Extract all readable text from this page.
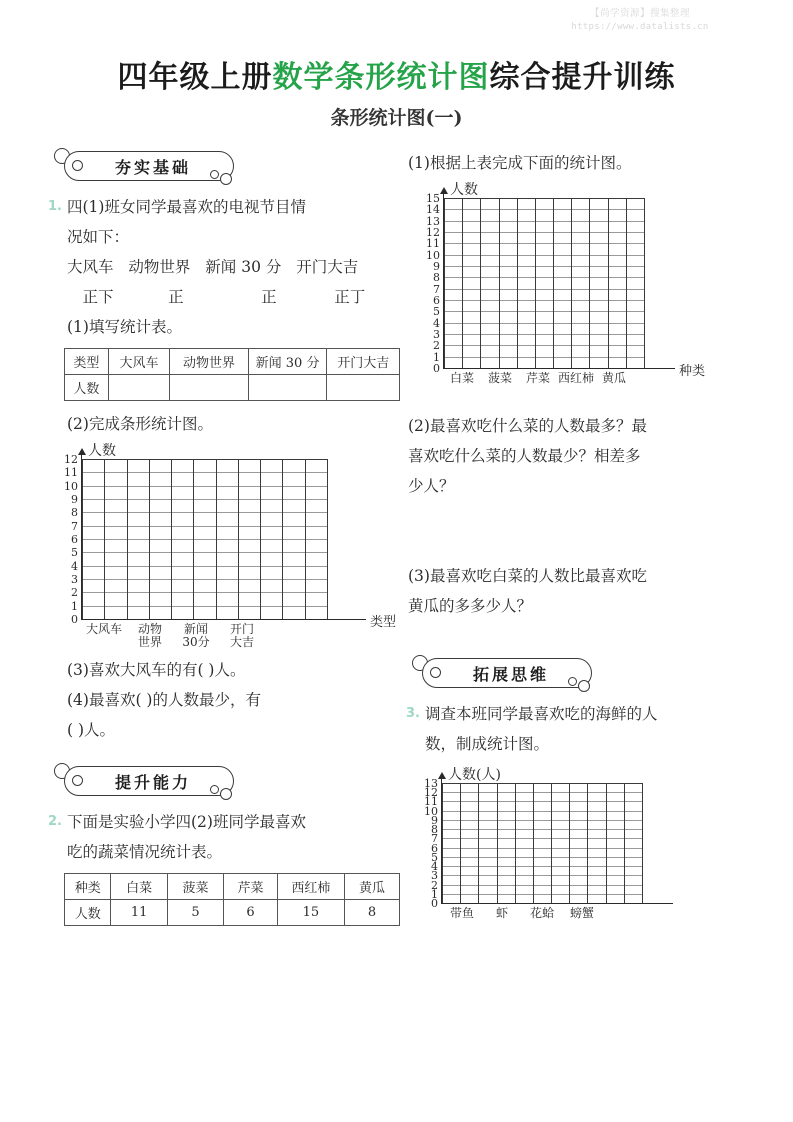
【尚学资源】搜集整理
https://www.datalists.cn
四年级上册数学条形统计图综合提升训练
条形统计图(一)
夯实基础
1. 四(1)班女同学最喜欢的电视节目情
况如下：
大风车 动物世界 新闻 30 分 开门大吉
正下	正	正	正丁
(1)填写统计表。
类型	大风车	动物世界	新闻 30 分	开门大吉
人数				
(2)完成条形统计图。
人数
0
1
2
3
4
5
6
7
8
9
10
11
12
类型
大风车	动物
世界
新闻
30分
开门
大吉
(3)喜欢大风车的有( )人。
(4)最喜欢( )的人数最少，有
( )人。
提升能力
2. 下面是实验小学四(2)班同学最喜欢
吃的蔬菜情况统计表。
种类	白菜	菠菜	芹菜	西红柿	黄瓜
人数	11	5	6	15	8
(1)根据上表完成下面的统计图。
人数
0
1
2
3
4
5
6
7
8
9
10
11
12
13
14
15
种类
白菜	菠菜	芹菜 西红柿 黄瓜
(2)最喜欢吃什么菜的人数最多？最
喜欢吃什么菜的人数最少？相差多
少人？
(3)最喜欢吃白菜的人数比最喜欢吃
黄瓜的多多少人？
拓展思维
3. 调查本班同学最喜欢吃的海鲜的人
数，制成统计图。
人数(人)
0
1
2
3
4
5
6
7
8
9
10
11
12
13
带鱼	虾	花蛤	螃蟹
